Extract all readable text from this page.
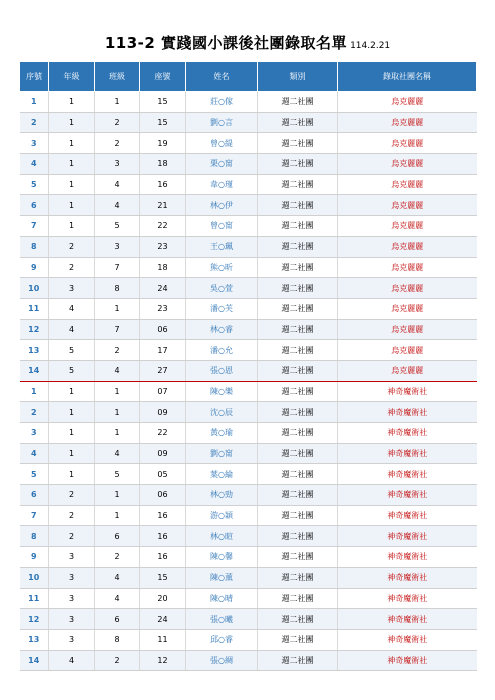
113-2 實踐國小課後社團錄取名單 114.2.21
序號	年級	班級	座號	姓名	類別	錄取社團名稱
1	1	1	15	莊○傢	週二社團	烏克麗麗
2	1	2	15	劉○言	週二社團	烏克麗麗
3	1	2	19	曾○緹	週二社團	烏克麗麗
4	1	3	18	栗○甯	週二社團	烏克麗麗
5	1	4	16	韋○瑾	週二社團	烏克麗麗
6	1	4	21	林○伊	週二社團	烏克麗麗
7	1	5	22	曾○甯	週二社團	烏克麗麗
8	2	3	23	王○珮	週二社團	烏克麗麗
9	2	7	18	熊○昕	週二社團	烏克麗麗
10	3	8	24	吳○萱	週二社團	烏克麗麗
11	4	1	23	潘○芙	週二社團	烏克麗麗
12	4	7	06	林○睿	週二社團	烏克麗麗
13	5	2	17	潘○允	週二社團	烏克麗麗
14	5	4	27	張○恩	週二社團	烏克麗麗
1	1	1	07	陳○樂	週二社團	神奇魔術社
2	1	1	09	沈○辰	週二社團	神奇魔術社
3	1	1	22	黃○瑜	週二社團	神奇魔術社
4	1	4	09	劉○甯	週二社團	神奇魔術社
5	1	5	05	葉○綸	週二社團	神奇魔術社
6	2	1	06	林○勁	週二社團	神奇魔術社
7	2	1	16	游○穎	週二社團	神奇魔術社
8	2	6	16	林○暄	週二社團	神奇魔術社
9	3	2	16	陳○馨	週二社團	神奇魔術社
10	3	4	15	陳○薰	週二社團	神奇魔術社
11	3	4	20	陳○晴	週二社團	神奇魔術社
12	3	6	24	張○曦	週二社團	神奇魔術社
13	3	8	11	邱○睿	週二社團	神奇魔術社
14	4	2	12	張○綢	週二社團	神奇魔術社
